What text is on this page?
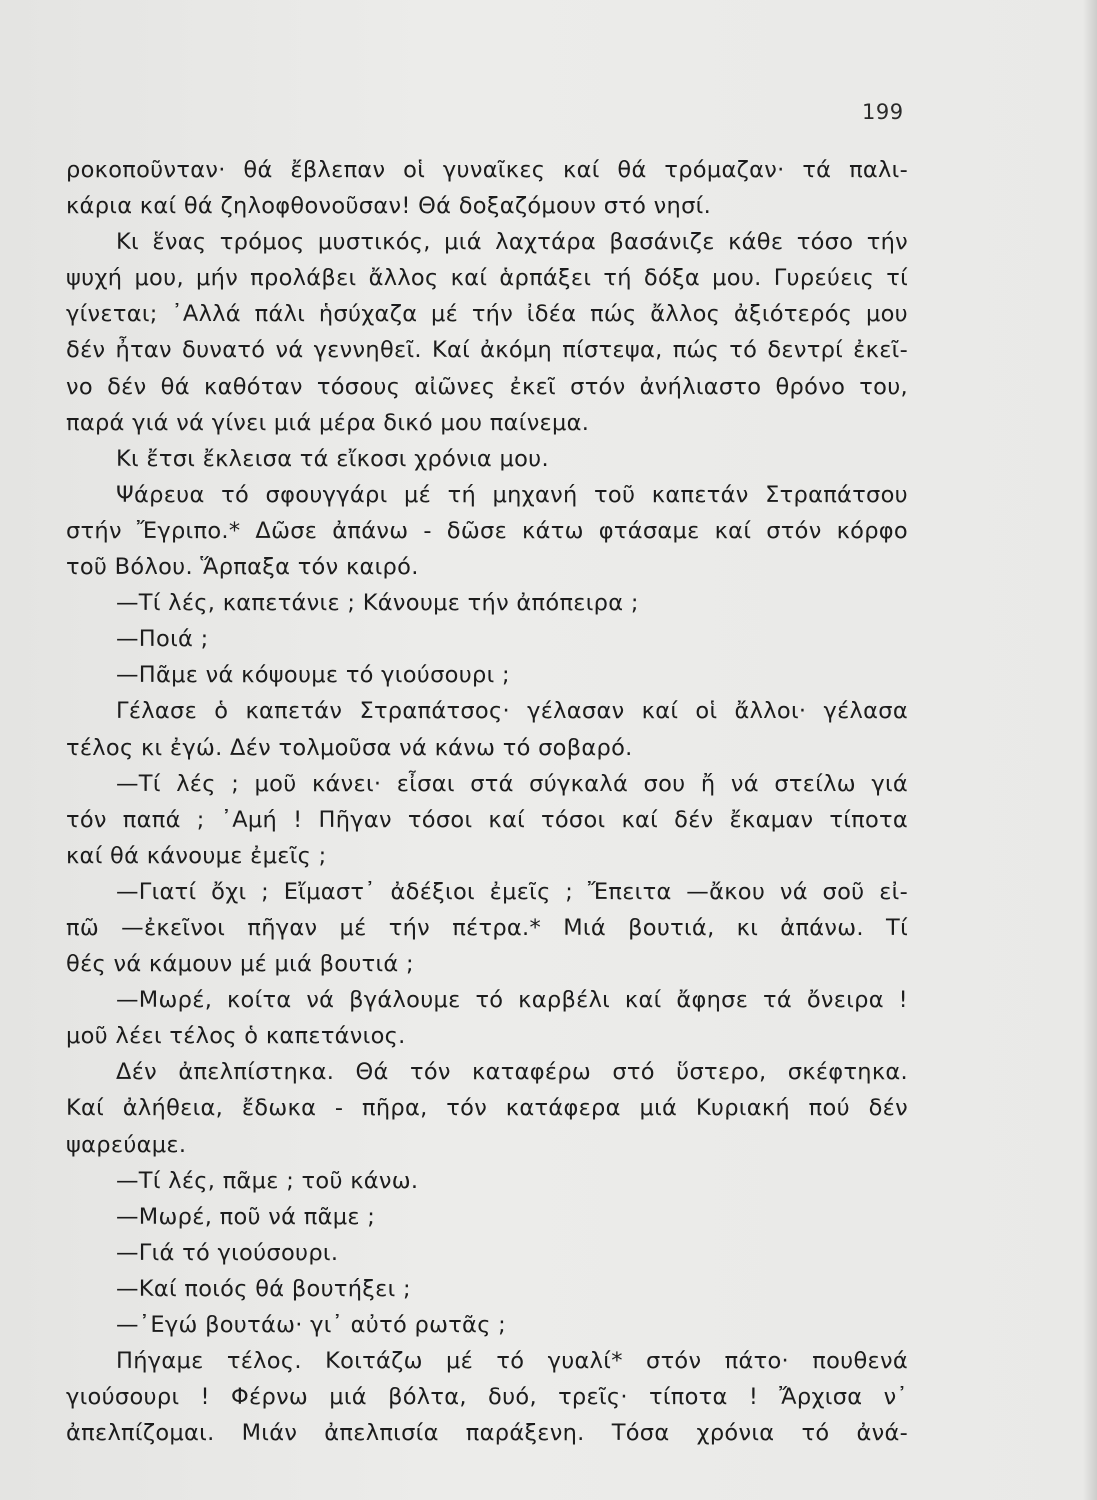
199
ροκοποῦνταν· θά ἔβλεπαν οἱ γυναῖκες καί θά τρόμαζαν· τά παλι-
κάρια καί θά ζηλοφθονοῦσαν! Θά δοξαζόμουν στό νησί.
Κι ἕνας τρόμος μυστικός, μιά λαχτάρα βασάνιζε κάθε τόσο τήν
ψυχή μου, μήν προλάβει ἄλλος καί ἁρπάξει τή δόξα μου. Γυρεύεις τί
γίνεται; ᾿Αλλά πάλι ἡσύχαζα μέ τήν ἰδέα πώς ἄλλος ἀξιότερός μου
δέν ἦταν δυνατό νά γεννηθεῖ. Καί ἀκόμη πίστεψα, πώς τό δεντρί ἐκεῖ-
νο δέν θά καθόταν τόσους αἰῶνες ἐκεῖ στόν ἀνήλιαστο θρόνο του,
παρά γιά νά γίνει μιά μέρα δικό μου παίνεμα.
Κι ἔτσι ἔκλεισα τά εἴκοσι χρόνια μου.
Ψάρευα τό σφουγγάρι μέ τή μηχανή τοῦ καπετάν Στραπάτσου
στήν Ἔγριπο.* Δῶσε ἀπάνω - δῶσε κάτω φτάσαμε καί στόν κόρφο
τοῦ Βόλου. Ἅρπαξα τόν καιρό.
—Τί λές, καπετάνιε ; Κάνουμε τήν ἀπόπειρα ;
—Ποιά ;
—Πᾶμε νά κόψουμε τό γιούσουρι ;
Γέλασε ὁ καπετάν Στραπάτσος· γέλασαν καί οἱ ἄλλοι· γέλασα
τέλος κι ἐγώ. Δέν τολμοῦσα νά κάνω τό σοβαρό.
—Τί λές ; μοῦ κάνει· εἶσαι στά σύγκαλά σου ἤ νά στείλω γιά
τόν παπά ; ᾿Αμή ! Πῆγαν τόσοι καί τόσοι καί δέν ἔκαμαν τίποτα
καί θά κάνουμε ἐμεῖς ;
—Γιατί ὄχι ; Εἴμαστ᾿ ἀδέξιοι ἐμεῖς ; Ἔπειτα —ἄκου νά σοῦ εἰ-
πῶ —ἐκεῖνοι πῆγαν μέ τήν πέτρα.* Μιά βουτιά, κι ἀπάνω. Τί
θές νά κάμουν μέ μιά βουτιά ;
—Μωρέ, κοίτα νά βγάλουμε τό καρβέλι καί ἄφησε τά ὄνειρα !
μοῦ λέει τέλος ὁ καπετάνιος.
Δέν ἀπελπίστηκα. Θά τόν καταφέρω στό ὕστερο, σκέφτηκα.
Καί ἀλήθεια, ἔδωκα - πῆρα, τόν κατάφερα μιά Κυριακή πού δέν
ψαρεύαμε.
—Τί λές, πᾶμε ; τοῦ κάνω.
—Μωρέ, ποῦ νά πᾶμε ;
—Γιά τό γιούσουρι.
—Καί ποιός θά βουτήξει ;
—᾿Εγώ βουτάω· γι᾿ αὐτό ρωτᾶς ;
Πήγαμε τέλος. Κοιτάζω μέ τό γυαλί* στόν πάτο· πουθενά
γιούσουρι ! Φέρνω μιά βόλτα, δυό, τρεῖς· τίποτα ! Ἄρχισα ν᾿
ἀπελπίζομαι. Μιάν ἀπελπισία παράξενη. Τόσα χρόνια τό ἀνά-
